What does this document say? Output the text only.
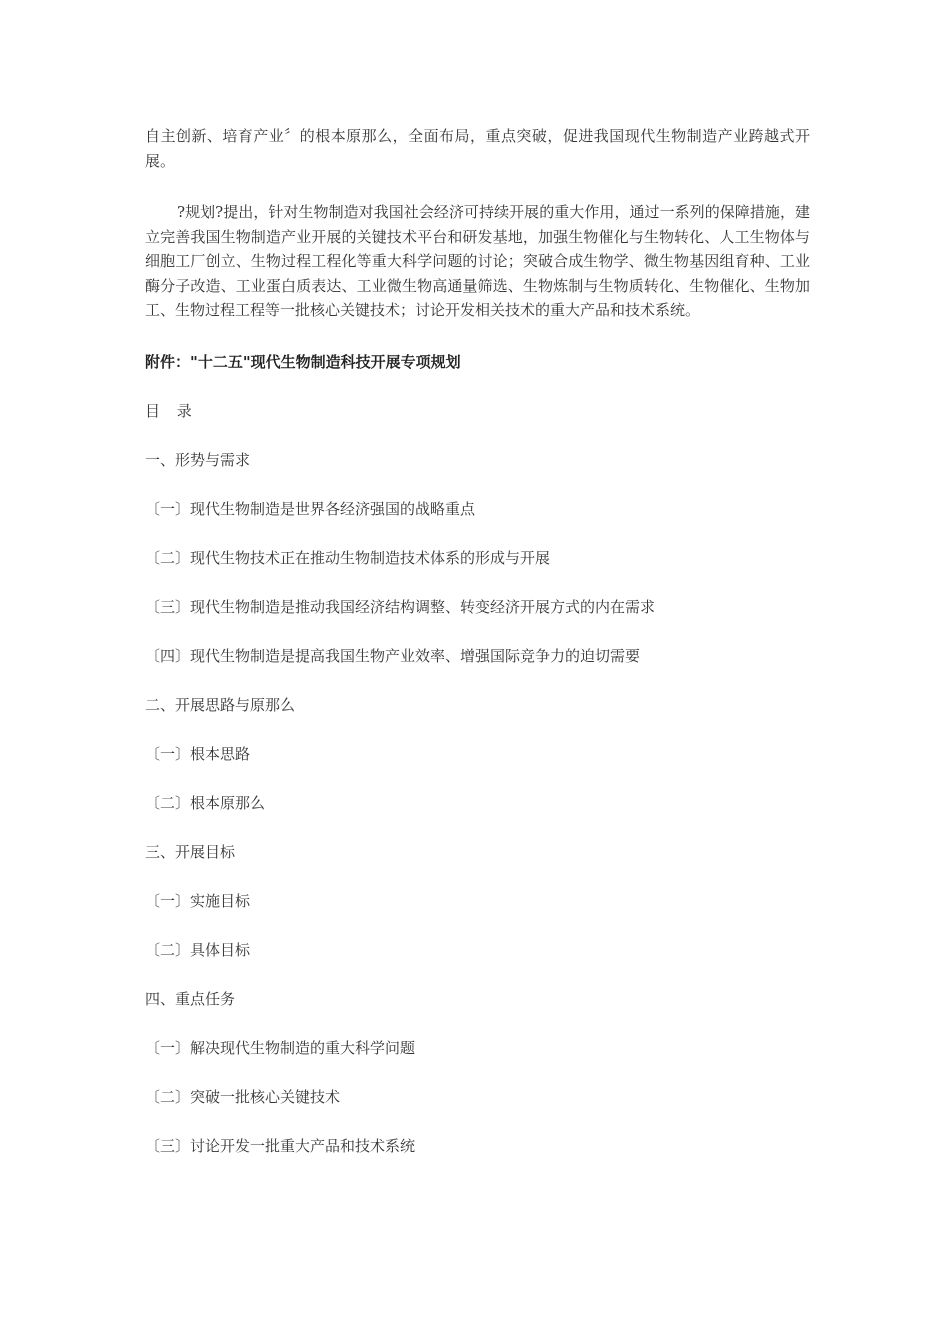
自主创新、培育产业〞的根本原那么，全面布局，重点突破，促进我国现代生物制造产业跨越式开展。

?规划?提出，针对生物制造对我国社会经济可持续开展的重大作用，通过一系列的保障措施，建立完善我国生物制造产业开展的关键技术平台和研发基地，加强生物催化与生物转化、人工生物体与细胞工厂创立、生物过程工程化等重大科学问题的讨论；突破合成生物学、微生物基因组育种、工业酶分子改造、工业蛋白质表达、工业微生物高通量筛选、生物炼制与生物质转化、生物催化、生物加工、生物过程工程等一批核心关键技术；讨论开发相关技术的重大产品和技术系统。

附件："十二五"现代生物制造科技开展专项规划

目 录

一、形势与需求
〔一〕现代生物制造是世界各经济强国的战略重点
〔二〕现代生物技术正在推动生物制造技术体系的形成与开展
〔三〕现代生物制造是推动我国经济结构调整、转变经济开展方式的内在需求
〔四〕现代生物制造是提高我国生物产业效率、增强国际竞争力的迫切需要
二、开展思路与原那么
〔一〕根本思路
〔二〕根本原那么
三、开展目标
〔一〕实施目标
〔二〕具体目标
四、重点任务
〔一〕解决现代生物制造的重大科学问题
〔二〕突破一批核心关键技术
〔三〕讨论开发一批重大产品和技术系统
